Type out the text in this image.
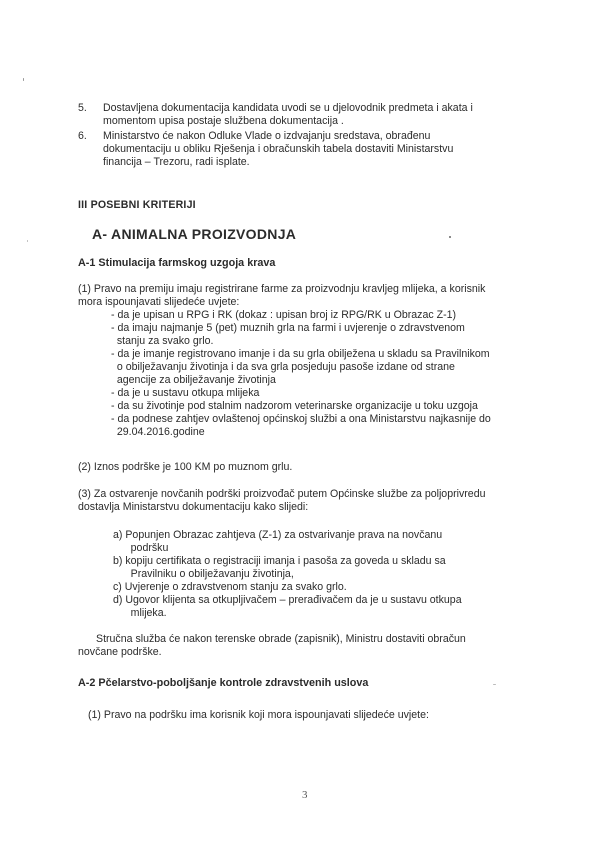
5. Dostavljena dokumentacija kandidata uvodi se u djelovodnik predmeta i akata i
momentom upisa postaje službena dokumentacija .
6. Ministarstvo će nakon Odluke Vlade o izdvajanju sredstava, obrađenu
dokumentaciju u obliku Rješenja i obračunskih tabela dostaviti Ministarstvu
financija – Trezoru, radi isplate.
III POSEBNI KRITERIJI
A- ANIMALNA PROIZVODNJA
A-1 Stimulacija farmskog uzgoja krava
(1) Pravo na premiju imaju registrirane farme za proizvodnju kravljeg mlijeka, a korisnik
mora ispounjavati slijedeće uvjete:
- da je upisan u RPG i RK (dokaz : upisan broj iz RPG/RK u Obrazac Z-1)
- da imaju najmanje 5 (pet) muznih grla na farmi i uvjerenje o zdravstvenom
stanju za svako grlo.
- da je imanje registrovano imanje i da su grla obilježena u skladu sa Pravilnikom
o obilježavanju životinja i da sva grla posjeduju pasoše izdane od strane
agencije za obilježavanje životinja
- da je u sustavu otkupa mlijeka
- da su životinje pod stalnim nadzorom veterinarske organizacije u toku uzgoja
- da podnese zahtjev ovlaštenoj općinskoj službi a ona Ministarstvu najkasnije do
29.04.2016.godine
(2) Iznos podrške je 100 KM po muznom grlu.
(3) Za ostvarenje novčanih podrški proizvođač putem Općinske službe za poljoprivredu
dostavlja Ministarstvu dokumentaciju kako slijedi:
a) Popunjen Obrazac zahtjeva (Z-1) za ostvarivanje prava na novčanu
podršku
b) kopiju certifikata o registraciji imanja i pasoša za goveda u skladu sa
Pravilniku o obilježavanju životinja,
c) Uvjerenje o zdravstvenom stanju za svako grlo.
d) Ugovor klijenta sa otkupljivačem – prerađivačem da je u sustavu otkupa
mlijeka.
Stručna služba će nakon terenske obrade (zapisnik), Ministru dostaviti obračun
novčane podrške.
A-2 Pčelarstvo-poboljšanje kontrole zdravstvenih uslova
(1) Pravo na podršku ima korisnik koji mora ispounjavati slijedeće uvjete:
3
